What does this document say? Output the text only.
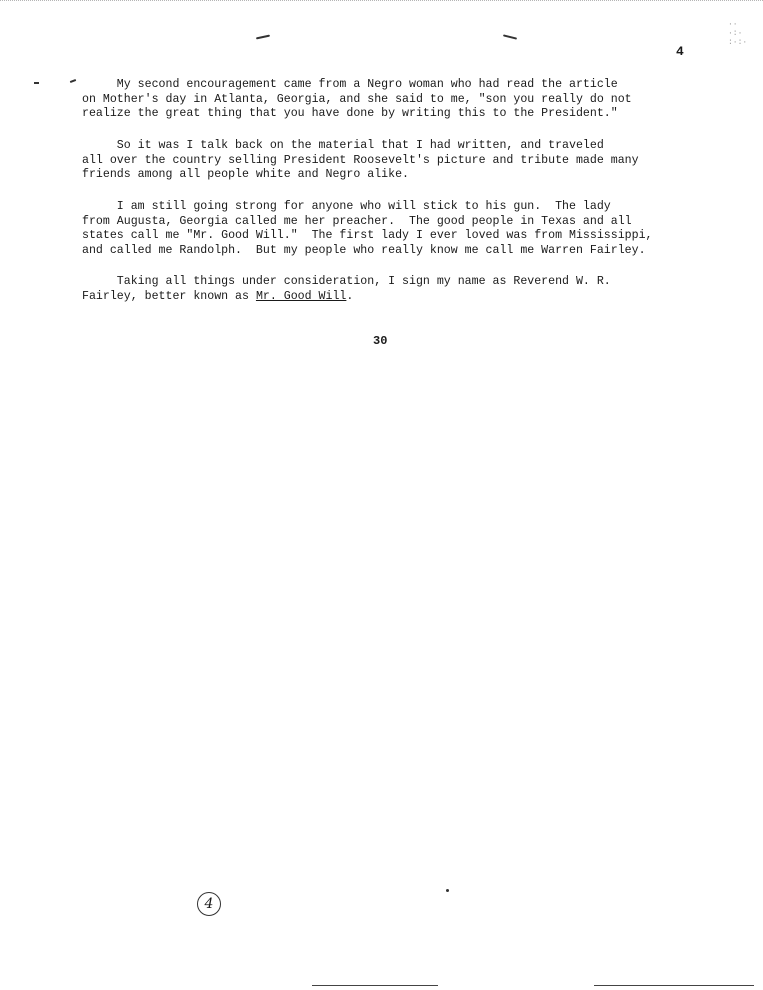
··
·:·
:·:·
4
My second encouragement came from a Negro woman who had read the article
on Mother's day in Atlanta, Georgia, and she said to me, "son you really do not
realize the great thing that you have done by writing this to the President."
So it was I talk back on the material that I had written, and traveled
all over the country selling President Roosevelt's picture and tribute made many
friends among all people white and Negro alike.
I am still going strong for anyone who will stick to his gun.  The lady
from Augusta, Georgia called me her preacher.  The good people in Texas and all
states call me "Mr. Good Will."  The first lady I ever loved was from Mississippi,
and called me Randolph.  But my people who really know me call me Warren Fairley.
Taking all things under consideration, I sign my name as Reverend W. R.
Fairley, better known as Mr. Good Will.
30
4
